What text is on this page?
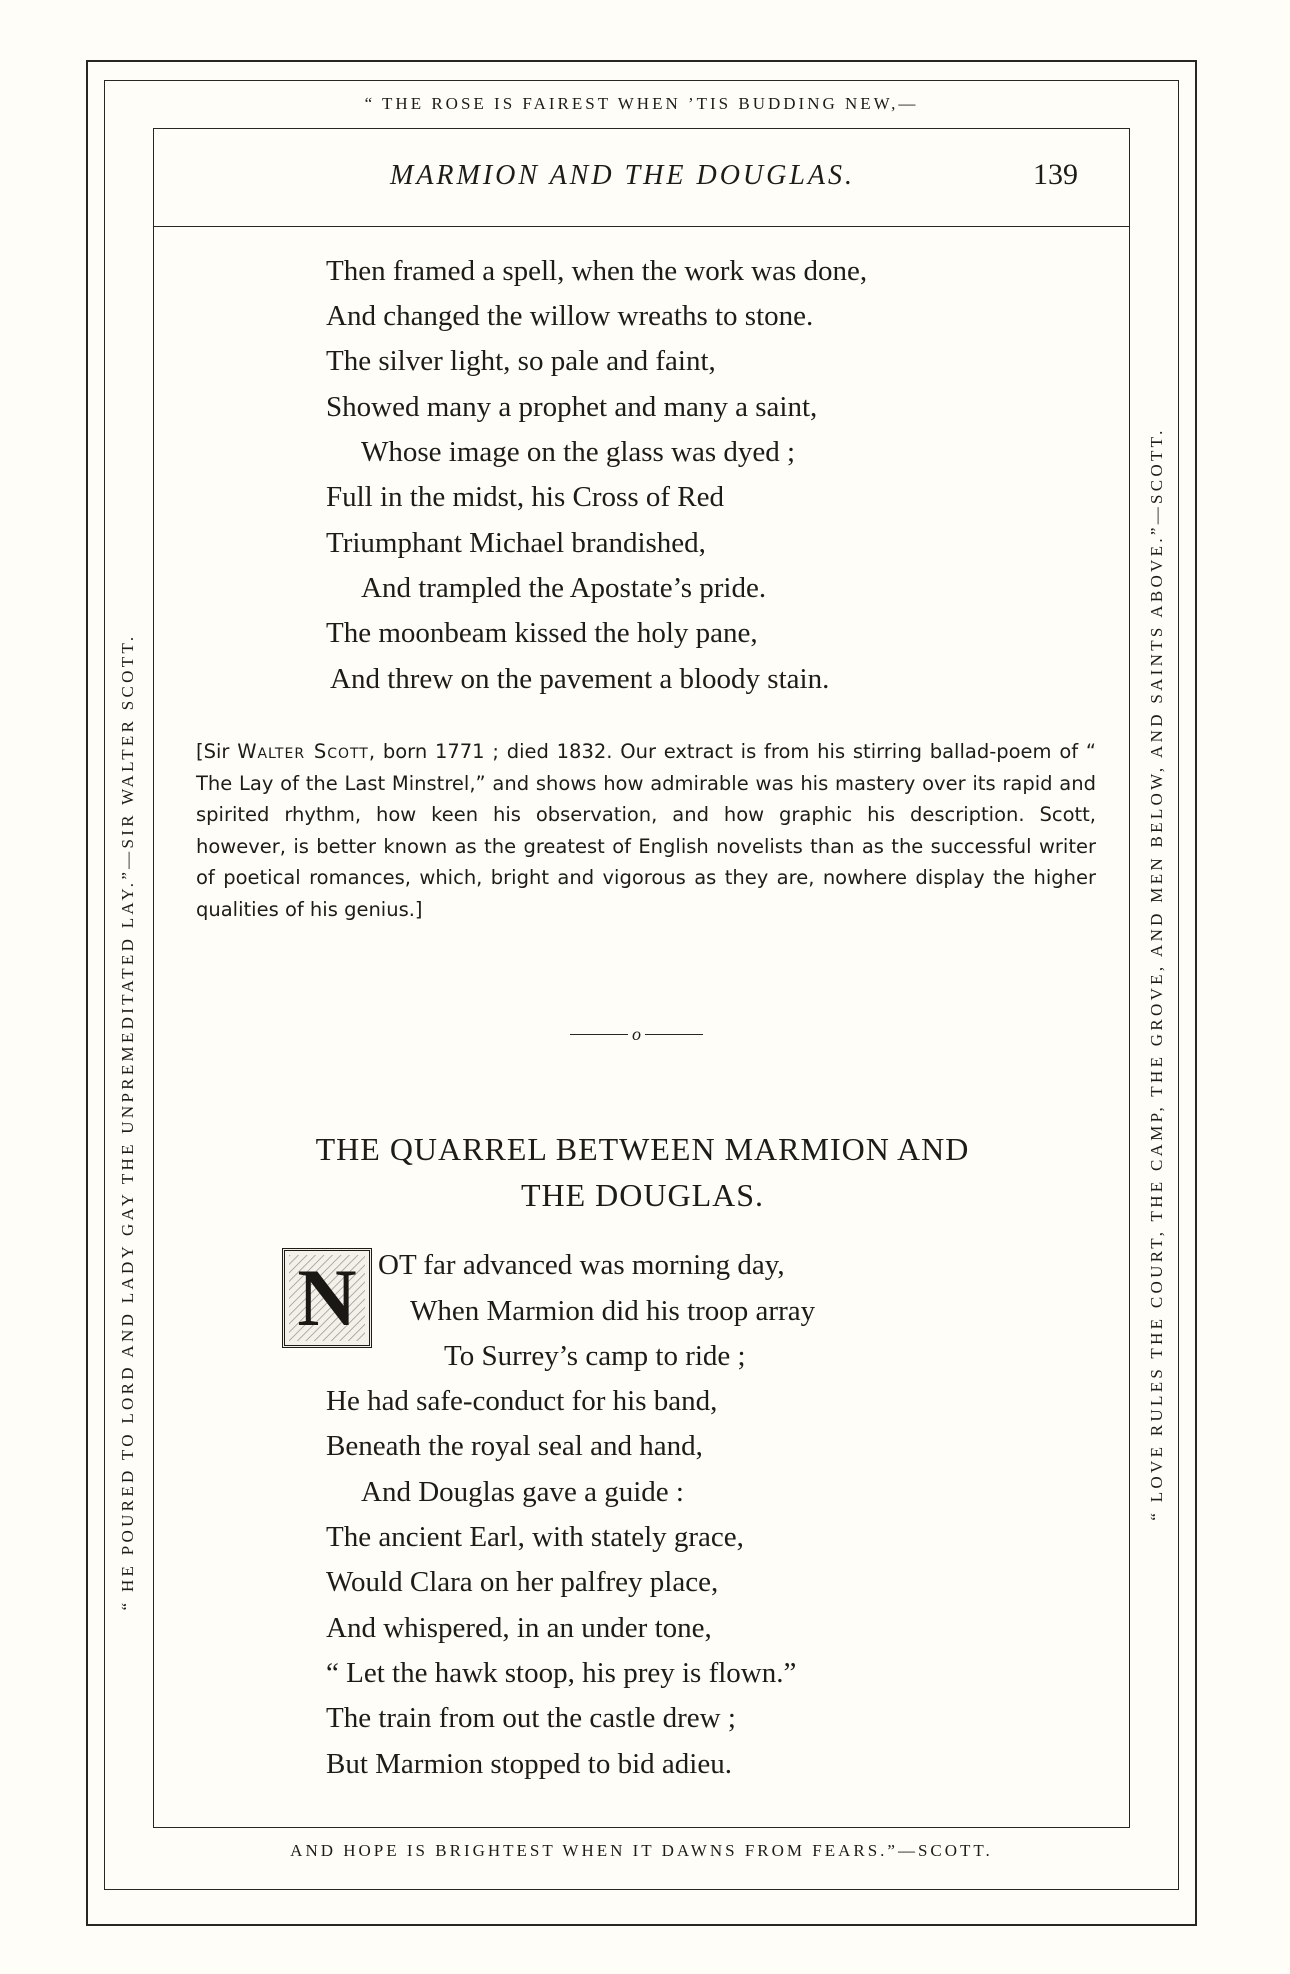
“ THE ROSE IS FAIREST WHEN ’TIS BUDDING NEW,—
AND HOPE IS BRIGHTEST WHEN IT DAWNS FROM FEARS.”—SCOTT.
“ HE POURED TO LORD AND LADY GAY THE UNPREMEDITATED LAY.”—SIR WALTER SCOTT.	“ LOVE RULES THE COURT, THE CAMP, THE GROVE, AND MEN BELOW, AND SAINTS ABOVE.”—SCOTT.
MARMION AND THE DOUGLAS.	139
Then framed a spell, when the work was done,
And changed the willow wreaths to stone.
The silver light, so pale and faint,
Showed many a prophet and many a saint,
Whose image on the glass was dyed ;
Full in the midst, his Cross of Red
Triumphant Michael brandished,
And trampled the Apostate’s pride.
The moonbeam kissed the holy pane,
And threw on the pavement a bloody stain.
[Sir Walter Scott, born 1771 ; died 1832. Our extract is from his stirring ballad-poem of “ The Lay of the Last Minstrel,” and shows how admirable was his mastery over its rapid and spirited rhythm, how keen his observation, and how graphic his description. Scott, however, is better known as the greatest of English novelists than as the successful writer of poetical romances, which, bright and vigorous as they are, nowhere display the higher qualities of his genius.]
o
THE QUARREL BETWEEN MARMION AND
THE DOUGLAS.
N OT far advanced was morning day,
When Marmion did his troop array
To Surrey’s camp to ride ;
He had safe-conduct for his band,
Beneath the royal seal and hand,
And Douglas gave a guide :
The ancient Earl, with stately grace,
Would Clara on her palfrey place,
And whispered, in an under tone,
“ Let the hawk stoop, his prey is flown.”
The train from out the castle drew ;
But Marmion stopped to bid adieu.
